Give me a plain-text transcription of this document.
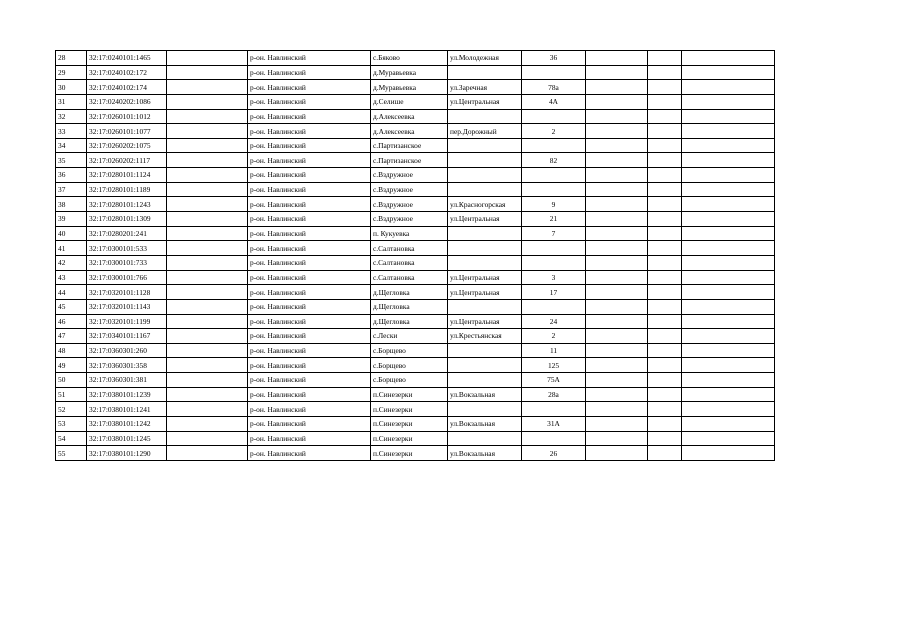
28	32:17:0240101:1465		р-он. Навлинский	с.Бяково	ул.Молодежная	36			
29	32:17:0240102:172		р-он. Навлинский	д.Муравьевка					
30	32:17:0240102:174		р-он. Навлинский	д.Муравьевка	ул.Заречная	78а			
31	32:17:0240202:1086		р-он. Навлинский	д.Селише	ул.Центральная	4А			
32	32:17:0260101:1012		р-он. Навлинский	д.Алексеевка					
33	32:17:0260101:1077		р-он. Навлинский	д.Алексеевка	пер.Дорожный	2			
34	32:17:0260202:1075		р-он. Навлинский	с.Партизанское					
35	32:17:0260202:1117		р-он. Навлинский	с.Партизанское		82			
36	32:17:0280101:1124		р-он. Навлинский	с.Вздружное					
37	32:17:0280101:1189		р-он. Навлинский	с.Вздружное					
38	32:17:0280101:1243		р-он. Навлинский	с.Вздружное	ул.Красногорская	9			
39	32:17:0280101:1309		р-он. Навлинский	с.Вздружное	ул.Центральная	21			
40	32:17:0280201:241		р-он. Навлинский	п. Кукуевка		7			
41	32:17:0300101:533		р-он. Навлинский	с.Салтановка					
42	32:17:0300101:733		р-он. Навлинский	с.Салтановка					
43	32:17:0300101:766		р-он. Навлинский	с.Салтановка	ул.Центральная	3			
44	32:17:0320101:1128		р-он. Навлинский	д.Щегловка	ул.Центральная	17			
45	32:17:0320101:1143		р-он. Навлинский	д.Щегловка					
46	32:17:0320101:1199		р-он. Навлинский	д.Щегловка	ул.Центральная	24			
47	32:17:0340101:1167		р-он. Навлинский	с.Лески	ул.Крестьянская	2			
48	32:17:0360301:260		р-он. Навлинский	с.Борщево		11			
49	32:17:0360301:358		р-он. Навлинский	с.Борщево		125			
50	32:17:0360301:381		р-он. Навлинский	с.Борщево		75А			
51	32:17:0380101:1239		р-он. Навлинский	п.Синезерки	ул.Вокзальная	28а			
52	32:17:0380101:1241		р-он. Навлинский	п.Синезерки					
53	32:17:0380101:1242		р-он. Навлинский	п.Синезерки	ул.Вокзальная	31А			
54	32:17:0380101:1245		р-он. Навлинский	п.Синезерки					
55	32:17:0380101:1290		р-он. Навлинский	п.Синезерки	ул.Вокзальная	26			
